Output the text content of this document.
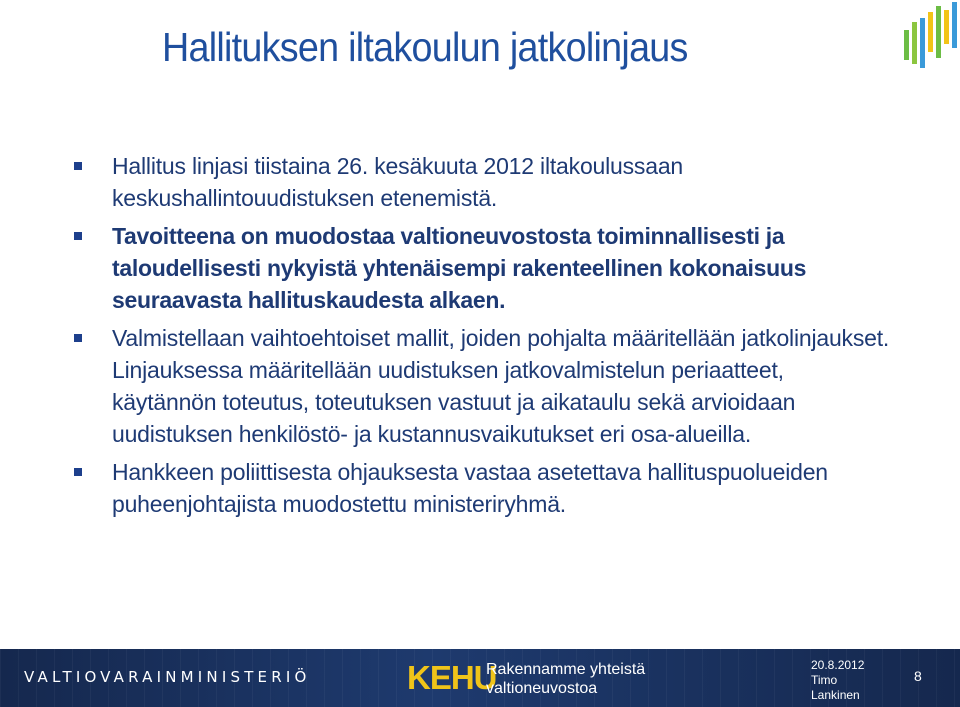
Hallituksen iltakoulun jatkolinjaus
Hallitus linjasi tiistaina 26. kesäkuuta 2012 iltakoulussaan keskushallintouudistuksen etenemistä.
Tavoitteena on muodostaa valtioneuvostosta toiminnallisesti ja taloudellisesti nykyistä yhtenäisempi rakenteellinen kokonaisuus seuraavasta hallituskaudesta alkaen.
Valmistellaan vaihtoehtoiset mallit, joiden pohjalta määritellään jatkolinjaukset. Linjauksessa määritellään uudistuksen jatkovalmistelun periaatteet, käytännön toteutus, toteutuksen vastuut ja aikataulu sekä arvioidaan uudistuksen henkilöstö- ja kustannusvaikutukset eri osa-alueilla.
Hankkeen poliittisesta ohjauksesta vastaa asetettava hallituspuolueiden puheenjohtajista muodostettu ministeriryhmä.
VALTIOVARAINMINISTERIÖ	KEHU
Rakennamme yhteistä
valtioneuvostoa
20.8.2012
Timo Lankinen
8
